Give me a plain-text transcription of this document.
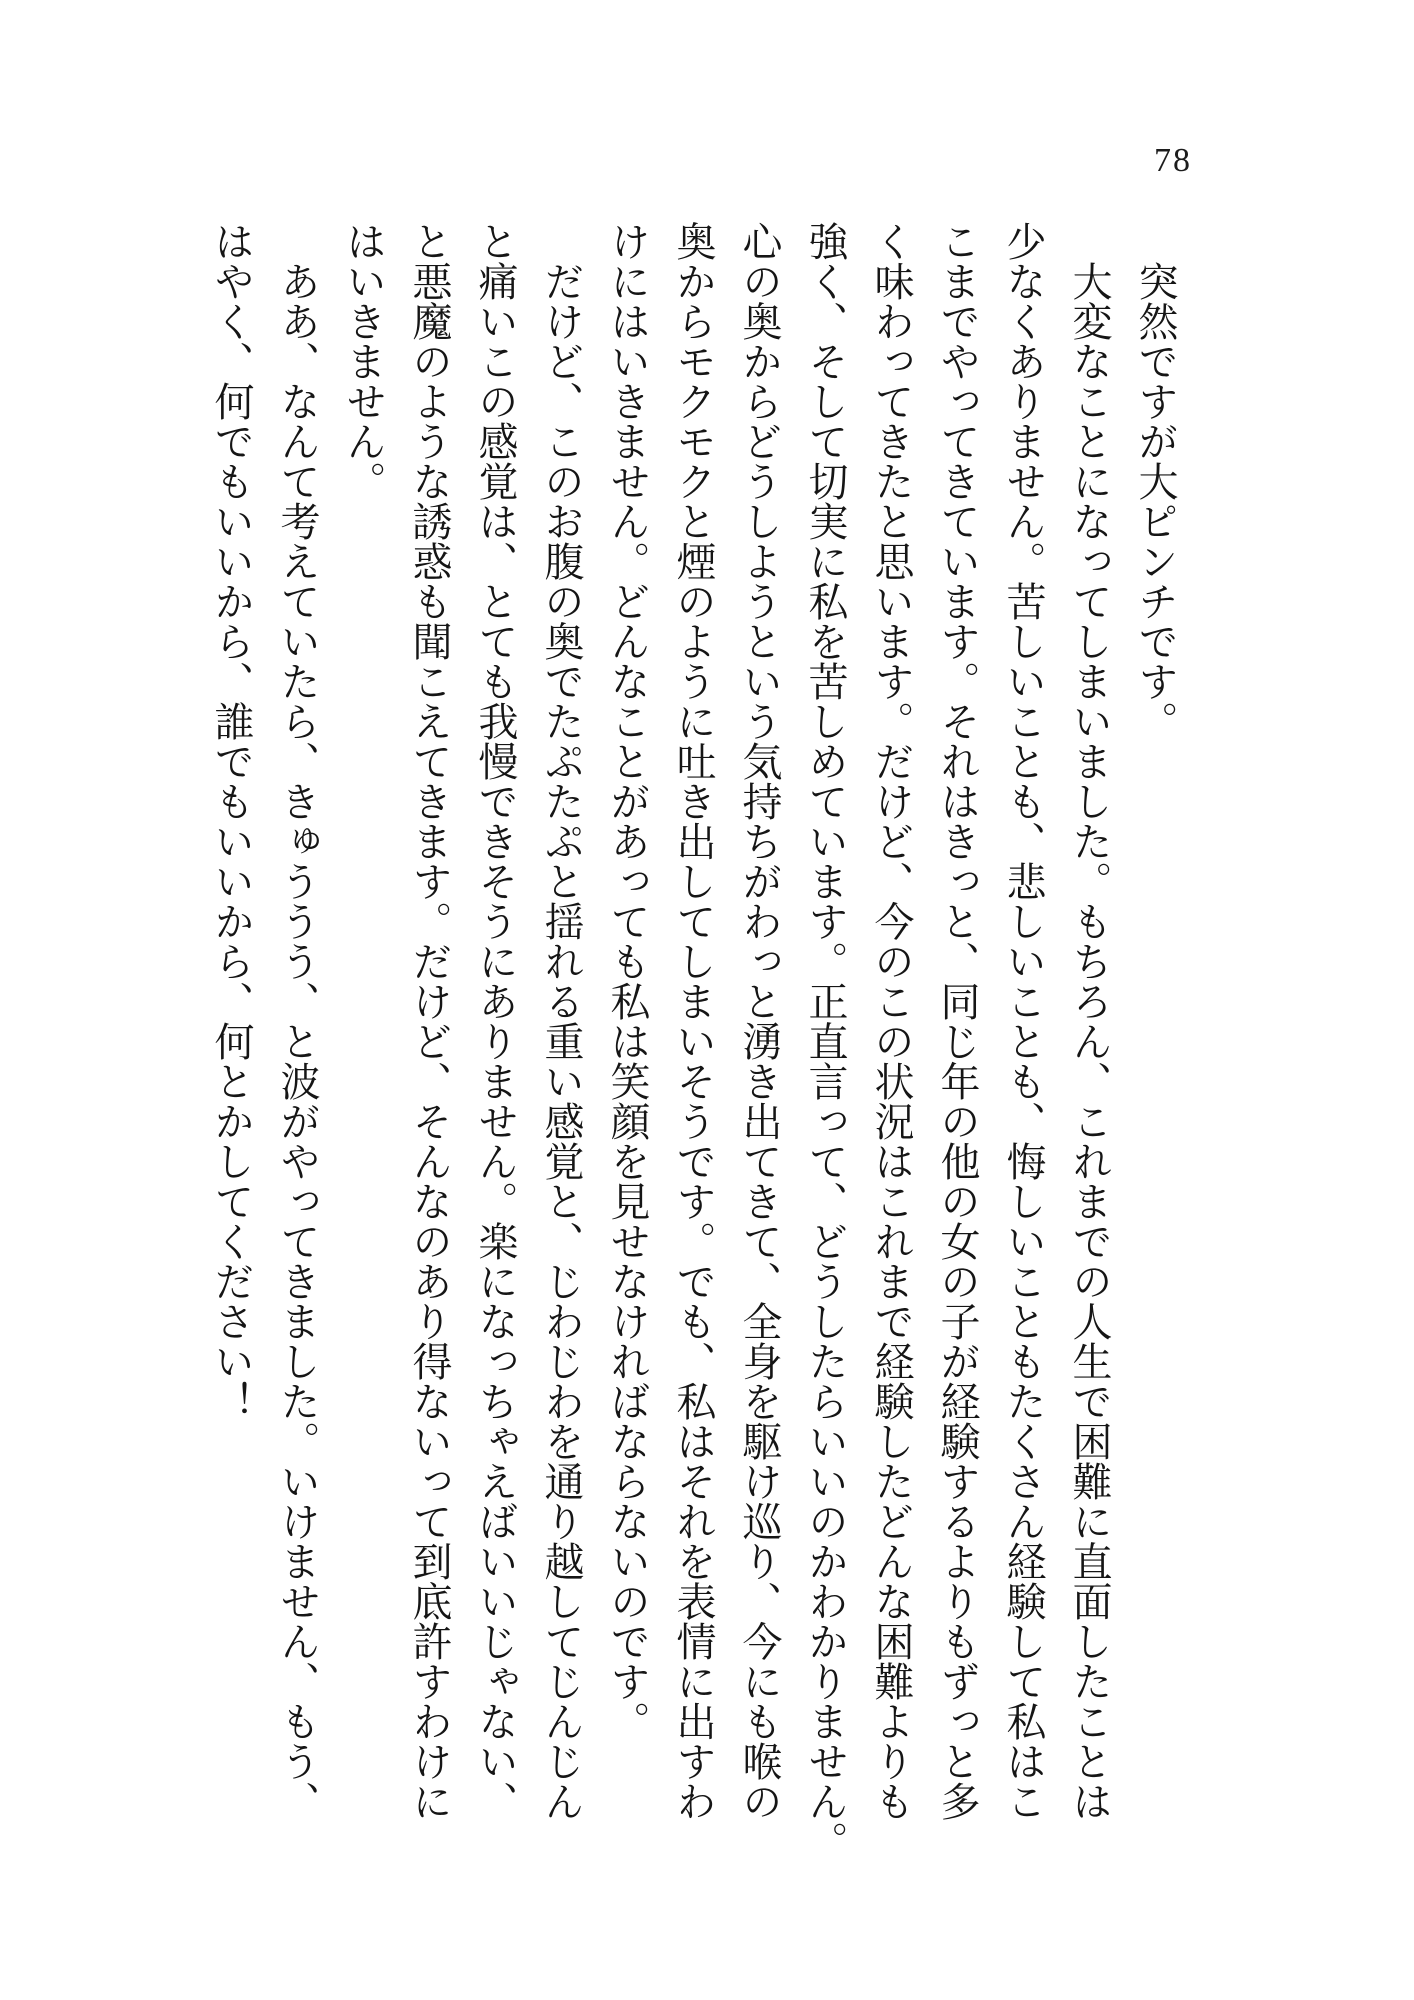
78
　突然ですが大ピンチです。
　大変なことになってしまいました。もちろん、これまでの人生で困難に直面したことは
少なくありません。苦しいことも、悲しいことも、悔しいこともたくさん経験して私はこ
こまでやってきています。それはきっと、同じ年の他の女の子が経験するよりもずっと多
く味わってきたと思います。だけど、今のこの状況はこれまで経験したどんな困難よりも
強く、そして切実に私を苦しめています。正直言って、どうしたらいいのかわかりません。
心の奥からどうしようという気持ちがわっと湧き出てきて、全身を駆け巡り、今にも喉の
奥からモクモクと煙のように吐き出してしまいそうです。でも、私はそれを表情に出すわ
けにはいきません。どんなことがあっても私は笑顔を見せなければならないのです。
　だけど、このお腹の奥でたぷたぷと揺れる重い感覚と、じわじわを通り越してじんじん
と痛いこの感覚は、とても我慢できそうにありません。楽になっちゃえばいいじゃない、
と悪魔のような誘惑も聞こえてきます。だけど、そんなのあり得ないって到底許すわけに
はいきません。
　ああ、なんて考えていたら、きゅううう、と波がやってきました。いけません、もう、
はやく、何でもいいから、誰でもいいから、何とかしてください！
